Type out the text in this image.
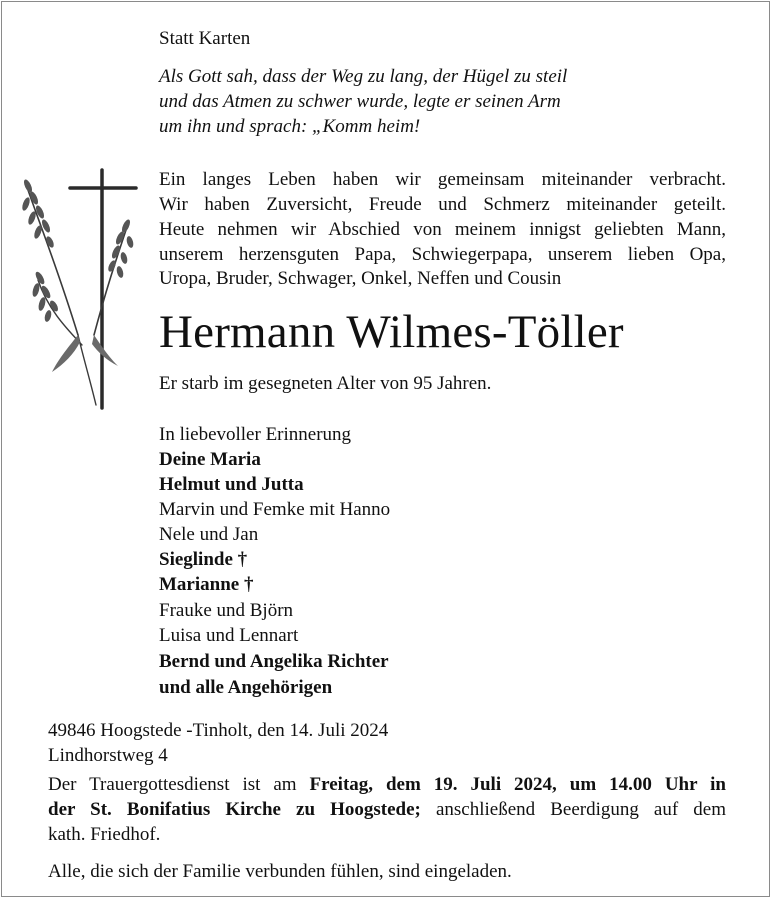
Statt Karten
Als Gott sah, dass der Weg zu lang, der Hügel zu steil
und das Atmen zu schwer wurde, legte er seinen Arm
um ihn und sprach: „Komm heim!
Ein langes Leben haben wir gemeinsam miteinander verbracht.
Wir haben Zuversicht, Freude und Schmerz miteinander geteilt.
Heute nehmen wir Abschied von meinem innigst geliebten Mann,
unserem herzensguten Papa, Schwiegerpapa, unserem lieben Opa,
Uropa, Bruder, Schwager, Onkel, Neffen und Cousin
Hermann Wilmes-Töller
Er starb im gesegneten Alter von 95 Jahren.
In liebevoller Erinnerung
Deine Maria
Helmut und Jutta
Marvin und Femke mit Hanno
Nele und Jan
Sieglinde †
Marianne †
Frauke und Björn
Luisa und Lennart
Bernd und Angelika Richter
und alle Angehörigen
49846 Hoogstede -Tinholt, den 14. Juli 2024
Lindhorstweg 4
Der Trauergottesdienst ist am Freitag, dem 19. Juli 2024, um 14.00 Uhr in
der St. Bonifatius Kirche zu Hoogstede; anschließend Beerdigung auf dem
kath. Friedhof.
Alle, die sich der Familie verbunden fühlen, sind eingeladen.
